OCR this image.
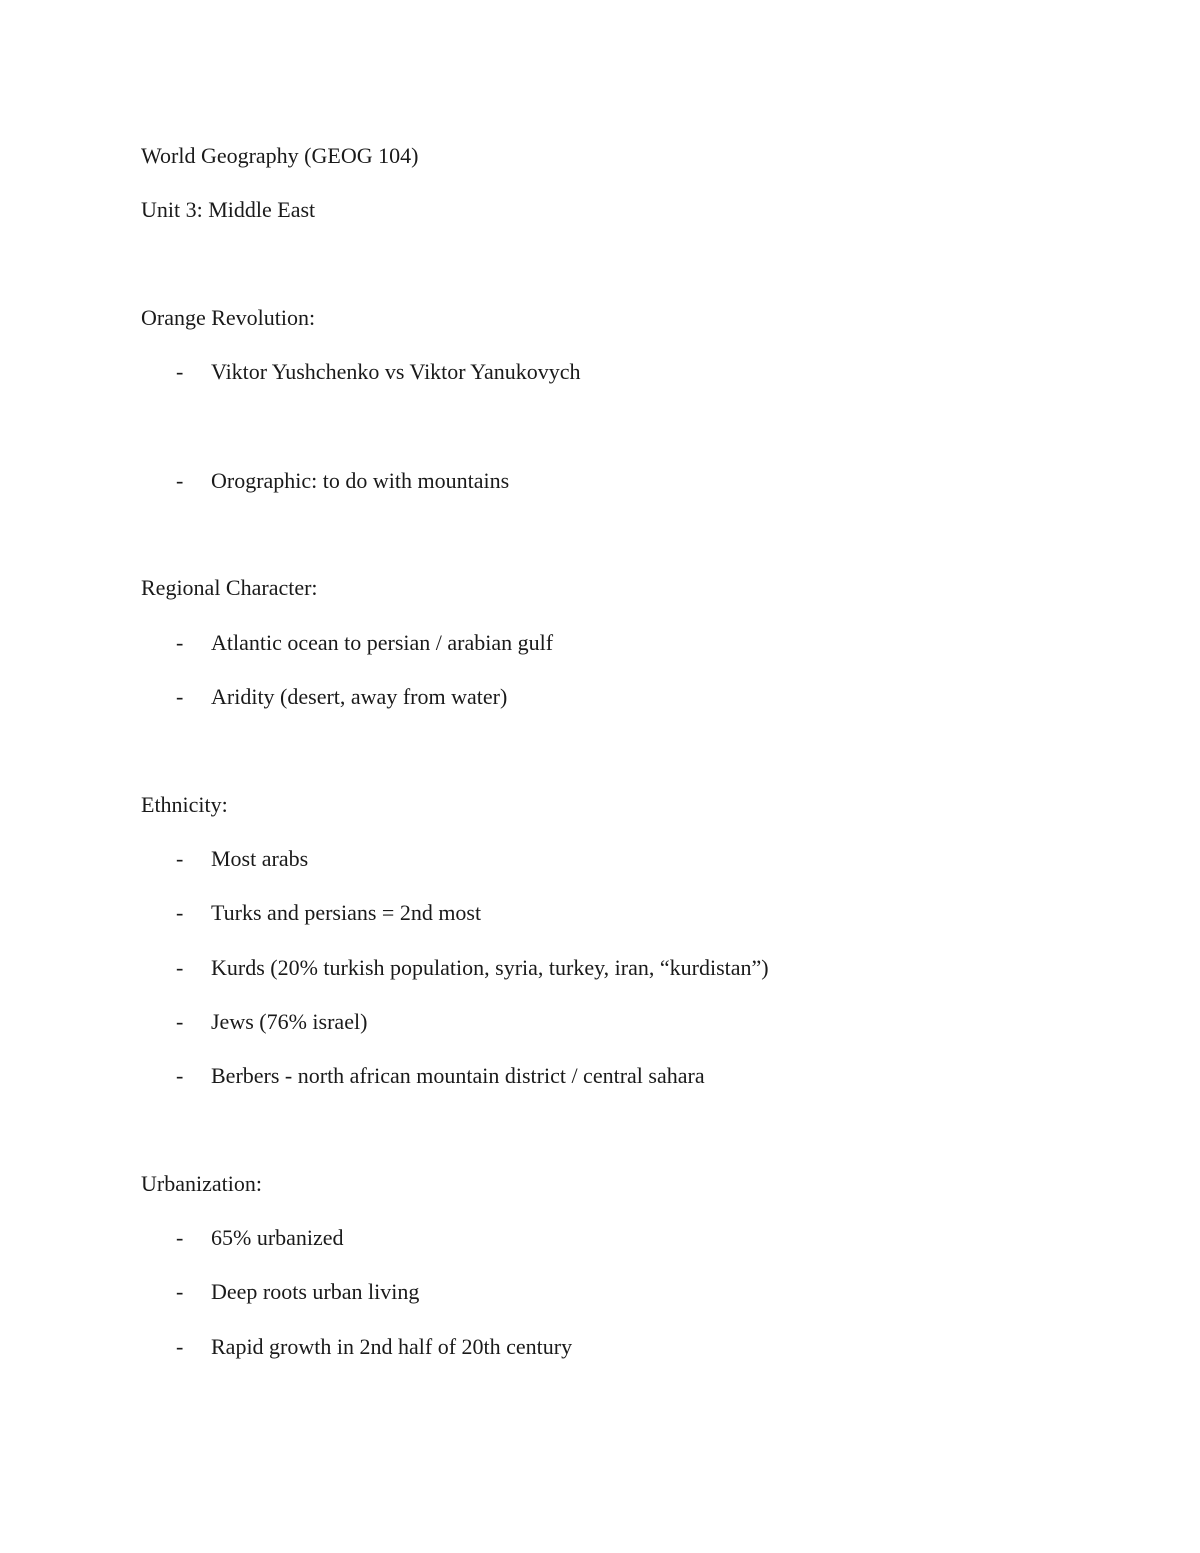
World Geography (GEOG 104)
Unit 3: Middle East
Orange Revolution:
- Viktor Yushchenko vs Viktor Yanukovych
- Orographic: to do with mountains
Regional Character:
- Atlantic ocean to persian / arabian gulf
- Aridity (desert, away from water)
Ethnicity:
- Most arabs
- Turks and persians = 2nd most
- Kurds (20% turkish population, syria, turkey, iran, “kurdistan”)
- Jews (76% israel)
- Berbers - north african mountain district / central sahara
Urbanization:
- 65% urbanized
- Deep roots urban living
- Rapid growth in 2nd half of 20th century
